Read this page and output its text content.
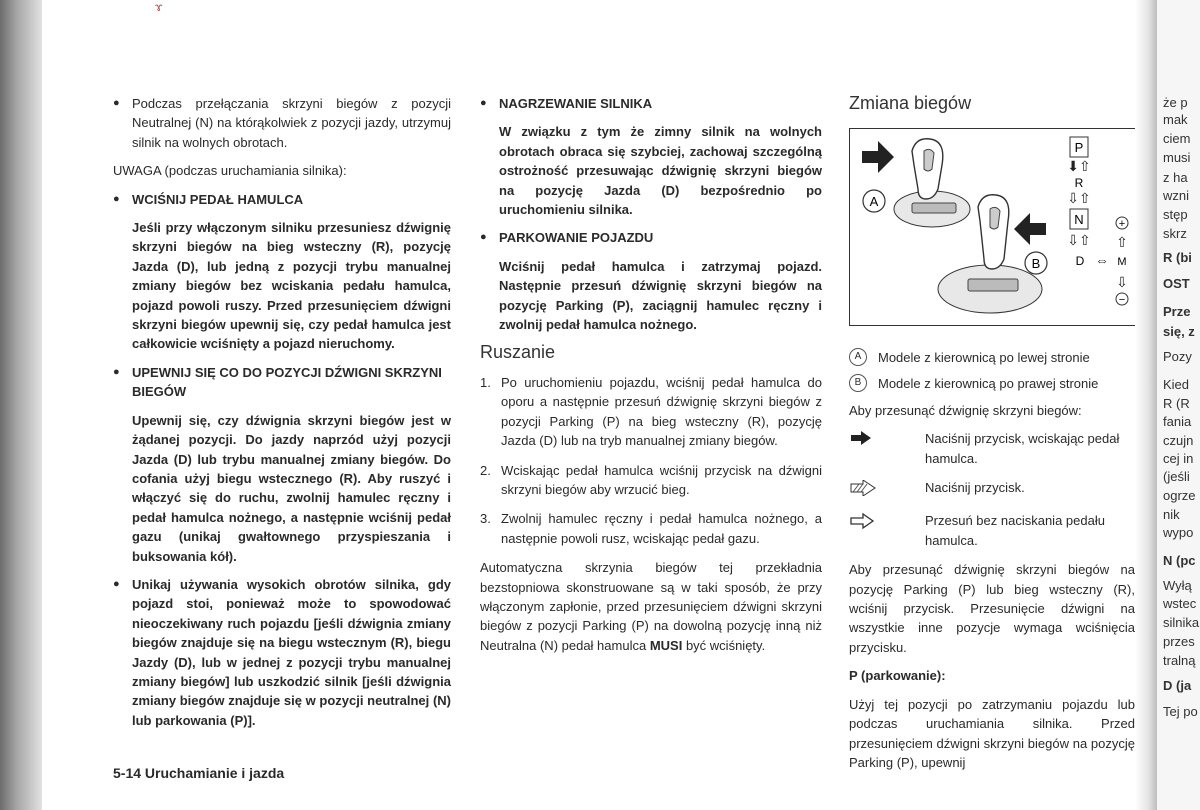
ɤ

● Podczas przełączania skrzyni biegów z pozycji Neutralnej (N) na którąkolwiek z pozycji jazdy, utrzymuj silnik na wolnych obrotach.

UWAGA (podczas uruchamiania silnika):

● WCIŚNIJ PEDAŁ HAMULCA

Jeśli przy włączonym silniku przesuniesz dźwignię skrzyni biegów na bieg wsteczny (R), pozycję Jazda (D), lub jedną z pozycji trybu manualnej zmiany biegów bez wciskania pedału hamulca, pojazd powoli ruszy. Przed przesunięciem dźwigni skrzyni biegów upewnij się, czy pedał hamulca jest całkowicie wciśnięty a pojazd nieruchomy.

● UPEWNIJ SIĘ CO DO POZYCJI DŹWIGNI SKRZYNI BIEGÓW

Upewnij się, czy dźwignia skrzyni biegów jest w żądanej pozycji. Do jazdy naprzód użyj pozycji Jazda (D) lub trybu manualnej zmiany biegów. Do cofania użyj biegu wstecznego (R). Aby ruszyć i włączyć się do ruchu, zwolnij hamulec ręczny i pedał hamulca nożnego, a następnie wciśnij pedał gazu (unikaj gwałtownego przyspieszania i buksowania kół).

● Unikaj używania wysokich obrotów silnika, gdy pojazd stoi, ponieważ może to spowodować nieoczekiwany ruch pojazdu [jeśli dźwignia zmiany biegów znajduje się na biegu wstecznym (R), biegu Jazdy (D), lub w jednej z pozycji trybu manualnej zmiany biegów] lub uszkodzić silnik [jeśli dźwignia zmiany biegów znajduje się w pozycji neutralnej (N) lub parkowania (P)].

● NAGRZEWANIE SILNIKA

W związku z tym że zimny silnik na wolnych obrotach obraca się szybciej, zachowaj szczególną ostrożność przesuwając dźwignię skrzyni biegów na pozycję Jazda (D) bezpośrednio po uruchomieniu silnika.

● PARKOWANIE POJAZDU

Wciśnij pedał hamulca i zatrzymaj pojazd. Następnie przesuń dźwignię skrzyni biegów na pozycję Parking (P), zaciągnij hamulec ręczny i zwolnij pedał hamulca nożnego.

Ruszanie
1. Po uruchomieniu pojazdu, wciśnij pedał hamulca do oporu a następnie przesuń dźwignię skrzyni biegów z pozycji Parking (P) na bieg wsteczny (R), pozycję Jazda (D) lub na tryb manualnej zmiany biegów.
2. Wciskając pedał hamulca wciśnij przycisk na dźwigni skrzyni biegów aby wrzucić bieg.
3. Zwolnij hamulec ręczny i pedał hamulca nożnego, a następnie powoli rusz, wciskając pedał gazu.

Automatyczna skrzynia biegów tej przekładnia bezstopniowa skonstruowane są w taki sposób, że przy włączonym zapłonie, przed przesunięciem dźwigni skrzyni biegów z pozycji Parking (P) na dowolną pozycję inną niż Neutralna (N) pedał hamulca MUSI być wciśnięty.

Zmiana biegów
A
B
P
⬇⇧
R
⇩⇧
N
⇩⇧
D ⇔ M
+
⇧
⇩
−
A	Modele z kierownicą po lewej stronie
B	Modele z kierownicą po prawej stronie

Aby przesunąć dźwignię skrzyni biegów:

Naciśnij przycisk, wciskając pedał hamulca.
Naciśnij przycisk.
Przesuń bez naciskania pedału hamulca.

Aby przesunąć dźwignię skrzyni biegów na pozycję Parking (P) lub bieg wsteczny (R), wciśnij przycisk. Przesunięcie dźwigni na wszystkie inne pozycje wymaga wciśnięcia przycisku.

P (parkowanie):

Użyj tej pozycji po zatrzymaniu pojazdu lub podczas uruchamiania silnika. Przed przesunięciem dźwigni skrzyni biegów na pozycję Parking (P), upewnij

że p
mak
ciem
musi
z ha
wzni
stęp
skrz
R (bi
OST
Prze
się, z
Pozy
Kied
R (R
fania
czujn
cej in
(jeśli
ogrze
nik
wypo
N (pc
Wyłą
wstec
silnika
przes
tralną
D (ja
Tej po
5-14 Uruchamianie i jazda
